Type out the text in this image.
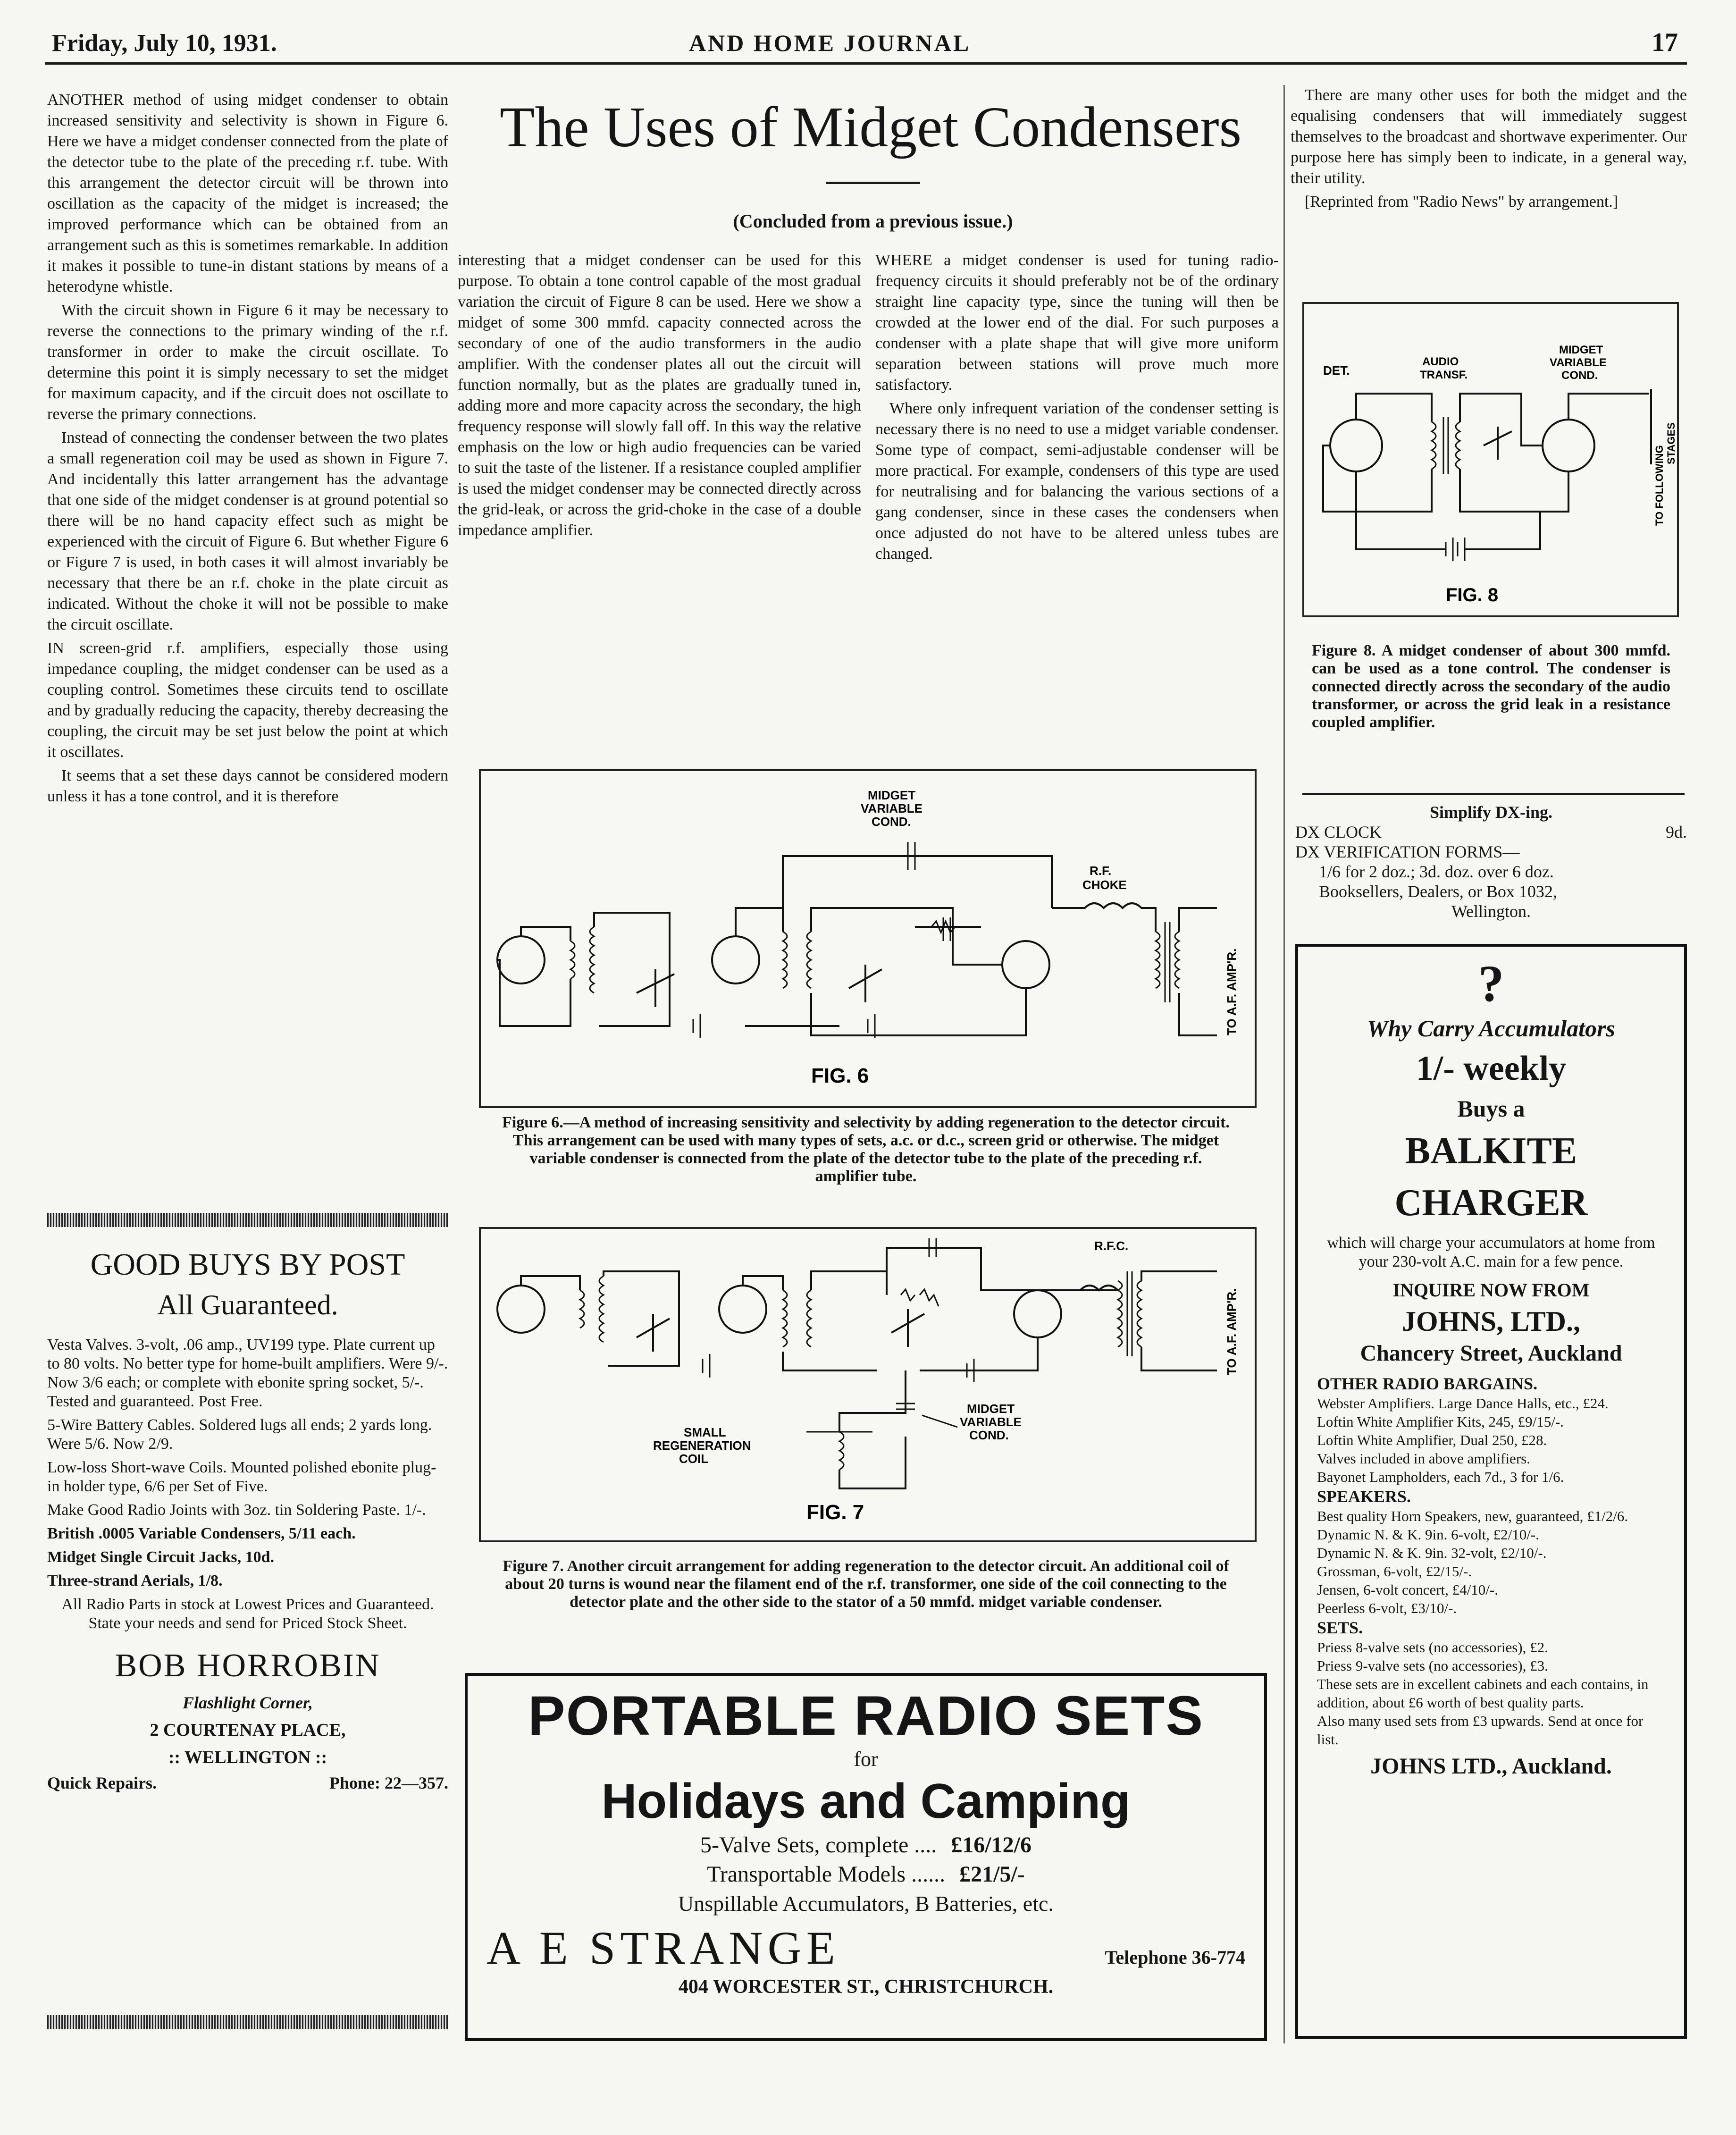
Friday, July 10, 1931.	AND HOME JOURNAL	17
The Uses of Midget Condensers
(Concluded from a previous issue.)

ANOTHER method of using midget condenser to obtain increased sensitivity and selectivity is shown in Figure 6. Here we have a midget condenser connected from the plate of the detector tube to the plate of the preceding r.f. tube. With this arrangement the detector circuit will be thrown into oscillation as the capacity of the midget is increased; the improved performance which can be obtained from an arrangement such as this is sometimes remarkable. In addition it makes it possible to tune-in distant stations by means of a heterodyne whistle.

With the circuit shown in Figure 6 it may be necessary to reverse the connections to the primary winding of the r.f. transformer in order to make the circuit oscillate. To determine this point it is simply necessary to set the midget for maximum capacity, and if the circuit does not oscillate to reverse the primary connections.

Instead of connecting the condenser between the two plates a small regeneration coil may be used as shown in Figure 7. And incidentally this latter arrangement has the advantage that one side of the midget condenser is at ground potential so there will be no hand capacity effect such as might be experienced with the circuit of Figure 6. But whether Figure 6 or Figure 7 is used, in both cases it will almost invariably be necessary that there be an r.f. choke in the plate circuit as indicated. Without the choke it will not be possible to make the circuit oscillate.

IN screen-grid r.f. amplifiers, especially those using impedance coupling, the midget condenser can be used as a coupling control. Sometimes these circuits tend to oscillate and by gradually reducing the capacity, thereby decreasing the coupling, the circuit may be set just below the point at which it oscillates.

It seems that a set these days cannot be considered modern unless it has a tone control, and it is therefore

interesting that a midget condenser can be used for this purpose. To obtain a tone control capable of the most gradual variation the circuit of Figure 8 can be used. Here we show a midget of some 300 mmfd. capacity connected across the secondary of one of the audio transformers in the audio amplifier. With the condenser plates all out the circuit will function normally, but as the plates are gradually tuned in, adding more and more capacity across the secondary, the high frequency response will slowly fall off. In this way the relative emphasis on the low or high audio frequencies can be varied to suit the taste of the listener. If a resistance coupled amplifier is used the midget condenser may be connected directly across the grid-leak, or across the grid-choke in the case of a double impedance amplifier.

WHERE a midget condenser is used for tuning radio-frequency circuits it should preferably not be of the ordinary straight line capacity type, since the tuning will then be crowded at the lower end of the dial. For such purposes a condenser with a plate shape that will give more uniform separation between stations will prove much more satisfactory.

Where only infrequent variation of the condenser setting is necessary there is no need to use a midget variable condenser. Some type of compact, semi-adjustable condenser will be more practical. For example, condensers of this type are used for neutralising and for balancing the various sections of a gang condenser, since in these cases the condensers when once adjusted do not have to be altered unless tubes are changed.

There are many other uses for both the midget and the equalising condensers that will immediately suggest themselves to the broadcast and shortwave experimenter. Our purpose here has simply been to indicate, in a general way, their utility.

[Reprinted from "Radio News" by arrangement.]

DET.
AUDIO
TRANSF.
MIDGET
VARIABLE
COND.
TO FOLLOWING
STAGES
FIG. 8
Figure 8. A midget condenser of about 300 mmfd. can be used as a tone control. The condenser is connected directly across the secondary of the audio transformer, or across the grid leak in a resistance coupled amplifier.
Simplify DX-ing.
DX CLOCK	9d.
DX VERIFICATION FORMS—
1/6 for 2 doz.; 3d. doz. over 6 doz.
Booksellers, Dealers, or Box 1032,
Wellington.
?
Why Carry Accumulators
1/- weekly
Buys a
BALKITE CHARGER
which will charge your accumulators at home from your 230-volt A.C. main for a few pence.
INQUIRE NOW FROM
JOHNS, LTD.,
Chancery Street, Auckland
OTHER RADIO BARGAINS.
Webster Amplifiers. Large Dance Halls, etc., £24.
Loftin White Amplifier Kits, 245, £9/15/-.
Loftin White Amplifier, Dual 250, £28.
Valves included in above amplifiers.
Bayonet Lampholders, each 7d., 3 for 1/6.
SPEAKERS.
Best quality Horn Speakers, new, guaranteed, £1/2/6.
Dynamic N. & K. 9in. 6-volt, £2/10/-.
Dynamic N. & K. 9in. 32-volt, £2/10/-.
Grossman, 6-volt, £2/15/-.
Jensen, 6-volt concert, £4/10/-.
Peerless 6-volt, £3/10/-.
SETS.
Priess 8-valve sets (no accessories), £2.
Priess 9-valve sets (no accessories), £3.
These sets are in excellent cabinets and each contains, in addition, about £6 worth of best quality parts.
Also many used sets from £3 upwards. Send at once for list.
JOHNS LTD., Auckland.
MIDGET
VARIABLE
COND.
R.F.
CHOKE
TO A.F. AMP'R.
FIG. 6
Figure 6.—A method of increasing sensitivity and selectivity by adding regeneration to the detector circuit. This arrangement can be used with many types of sets, a.c. or d.c., screen grid or otherwise. The midget variable condenser is connected from the plate of the detector tube to the plate of the preceding r.f. amplifier tube.
R.F.C.
TO A.F. AMP'R.
MIDGET
VARIABLE
COND.
SMALL
REGENERATION
COIL
FIG. 7
Figure 7. Another circuit arrangement for adding regeneration to the detector circuit. An additional coil of about 20 turns is wound near the filament end of the r.f. transformer, one side of the coil connecting to the detector plate and the other side to the stator of a 50 mmfd. midget variable condenser.
PORTABLE RADIO SETS
for
Holidays and Camping
5-Valve Sets, complete .... £16/12/6
Transportable Models ...... £21/5/-
Unspillable Accumulators, B Batteries, etc.
A E STRANGE	Telephone 36-774
404 WORCESTER ST., CHRISTCHURCH.
GOOD BUYS BY POST
All Guaranteed.
Vesta Valves. 3-volt, .06 amp., UV199 type. Plate current up to 80 volts. No better type for home-built amplifiers. Were 9/-. Now 3/6 each; or complete with ebonite spring socket, 5/-. Tested and guaranteed. Post Free.
5-Wire Battery Cables. Soldered lugs all ends; 2 yards long. Were 5/6. Now 2/9.
Low-loss Short-wave Coils. Mounted polished ebonite plug-in holder type, 6/6 per Set of Five.
Make Good Radio Joints with 3oz. tin Soldering Paste. 1/-.
British .0005 Variable Condensers, 5/11 each.
Midget Single Circuit Jacks, 10d.
Three-strand Aerials, 1/8.
All Radio Parts in stock at Lowest Prices and Guaranteed. State your needs and send for Priced Stock Sheet.
BOB HORROBIN
Flashlight Corner,
2 COURTENAY PLACE,
:: WELLINGTON ::
Quick Repairs.	Phone: 22—357.
